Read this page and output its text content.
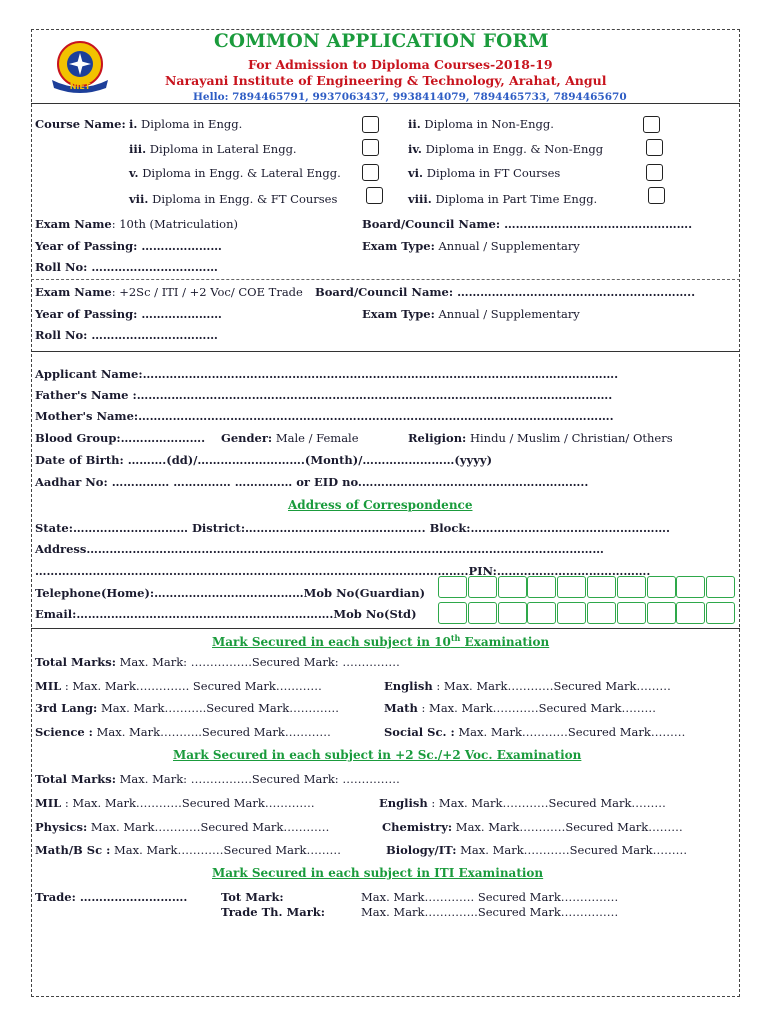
NIET
COMMON APPLICATION FORM
For Admission to Diploma Courses-2018-19
Narayani Institute of Engineering & Technology, Arahat, Angul
Hello: 7894465791, 9937063437, 9938414079, 7894465733, 7894465670
Course Name: i. Diploma in Engg.	ii. Diploma in Non-Engg.
iii. Diploma in Lateral Engg.	iv. Diploma in Engg. & Non-Engg
v. Diploma in Engg. & Lateral Engg.	vi. Diploma in FT Courses
vii. Diploma in Engg. & FT Courses	viii. Diploma in Part Time Engg.
Exam Name: 10th (Matriculation)	Board/Council Name: ………………………………………….
Year of Passing: …………………	Exam Type: Annual / Supplementary
Roll No: ……………………………
Exam Name: +2Sc / ITI / +2 Voc/ COE Trade Board/Council Name: ……………………………………………………..
Year of Passing: …………………	Exam Type: Annual / Supplementary
Roll No: ……………………………
Applicant Name:…………………………………………………………………………………………………………….
Father's Name :…………………………………………………………………………………………………………….
Mother's Name:…………………………………………………………………………………………………………….
Blood Group:…………………. Gender: Male / Female	Religion: Hindu / Muslim / Christian/ Others
Date of Birth: ……….(dd)/……………………….(Month)/……………………(yyyy)
Aadhar No: …………… …………… …………… or EID no.…………………………………………………..
Address of Correspondence
State:………………………… District:……………………………………….. Block:…………………………………………….
Address………………………………………………………………………………………………………………………
…………………………………………………………………………………………………..PIN:………………………………….
Telephone(Home):…………………………………Mob No(Guardian)
Email:………………………………………………………….Mob No(Std)
Mark Secured in each subject in 10th Examination
Total Marks: Max. Mark: …………….Secured Mark: ……………
MIL : Max. Mark………….. Secured Mark…………	English : Max. Mark…………Secured Mark………
3rd Lang: Max. Mark………..Secured Mark………….	Math : Max. Mark…………Secured Mark………
Science : Max. Mark………..Secured Mark…………	Social Sc. : Max. Mark…………Secured Mark………
Mark Secured in each subject in +2 Sc./+2 Voc. Examination
Total Marks: Max. Mark: …………….Secured Mark: ……………
MIL : Max. Mark…………Secured Mark………….	English : Max. Mark…………Secured Mark………
Physics: Max. Mark…………Secured Mark…………	Chemistry: Max. Mark…………Secured Mark………
Math/B Sc : Max. Mark…………Secured Mark………	Biology/IT: Max. Mark…………Secured Mark………
Mark Secured in each subject in ITI Examination
Trade: ……………………….	Tot Mark:	Max. Mark…………. Secured Mark……………
Trade Th. Mark:	Max. Mark…………..Secured Mark……………
